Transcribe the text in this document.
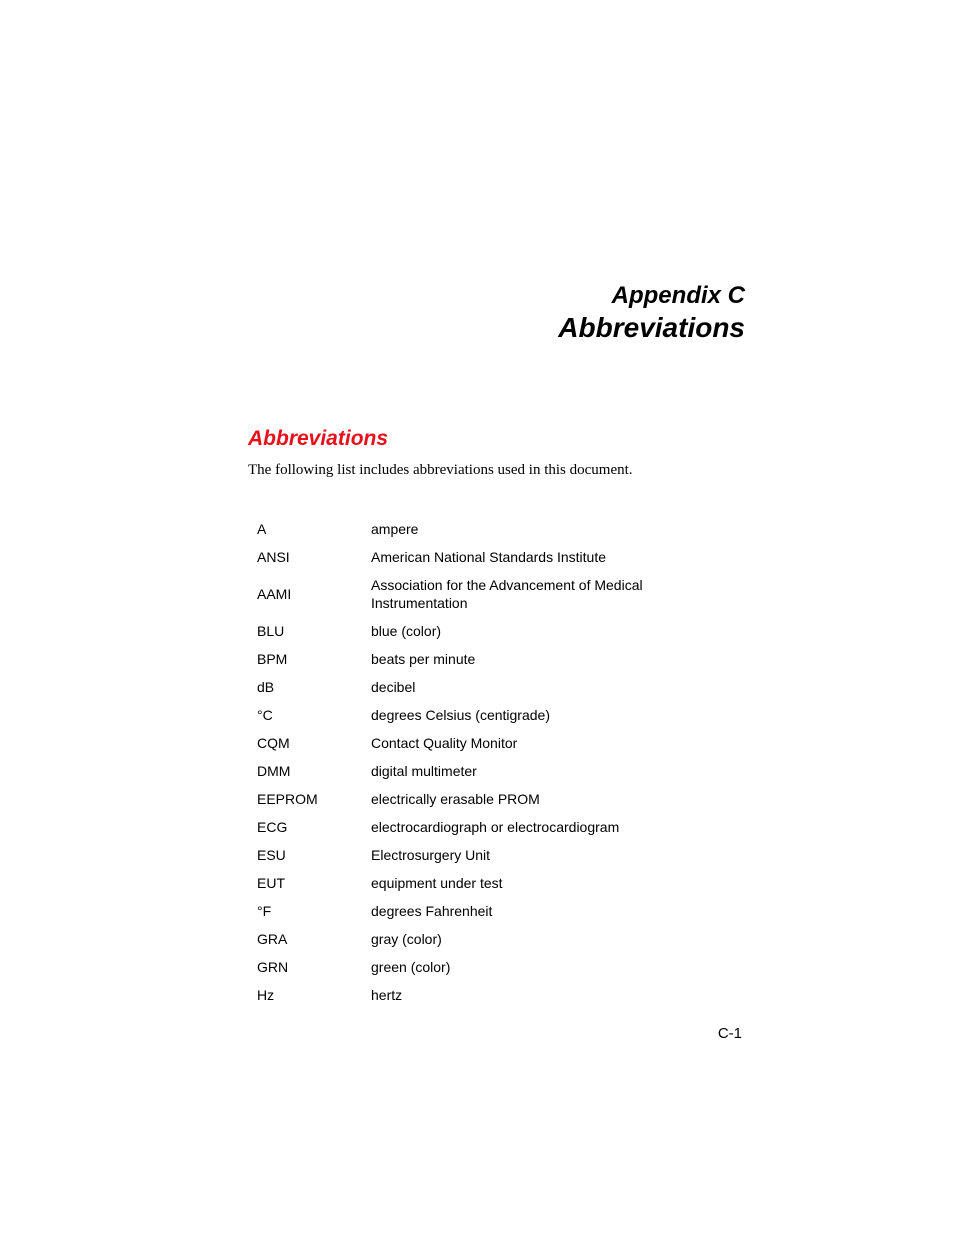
Appendix C
Abbreviations
Abbreviations

The following list includes abbreviations used in this document.

A	ampere
ANSI	American National Standards Institute
AAMI	Association for the Advancement of Medical
Instrumentation
BLU	blue (color)
BPM	beats per minute
dB	decibel
°C	degrees Celsius (centigrade)
CQM	Contact Quality Monitor
DMM	digital multimeter
EEPROM	electrically erasable PROM
ECG	electrocardiograph or electrocardiogram
ESU	Electrosurgery Unit
EUT	equipment under test
°F	degrees Fahrenheit
GRA	gray (color)
GRN	green (color)
Hz	hertz

C-1
